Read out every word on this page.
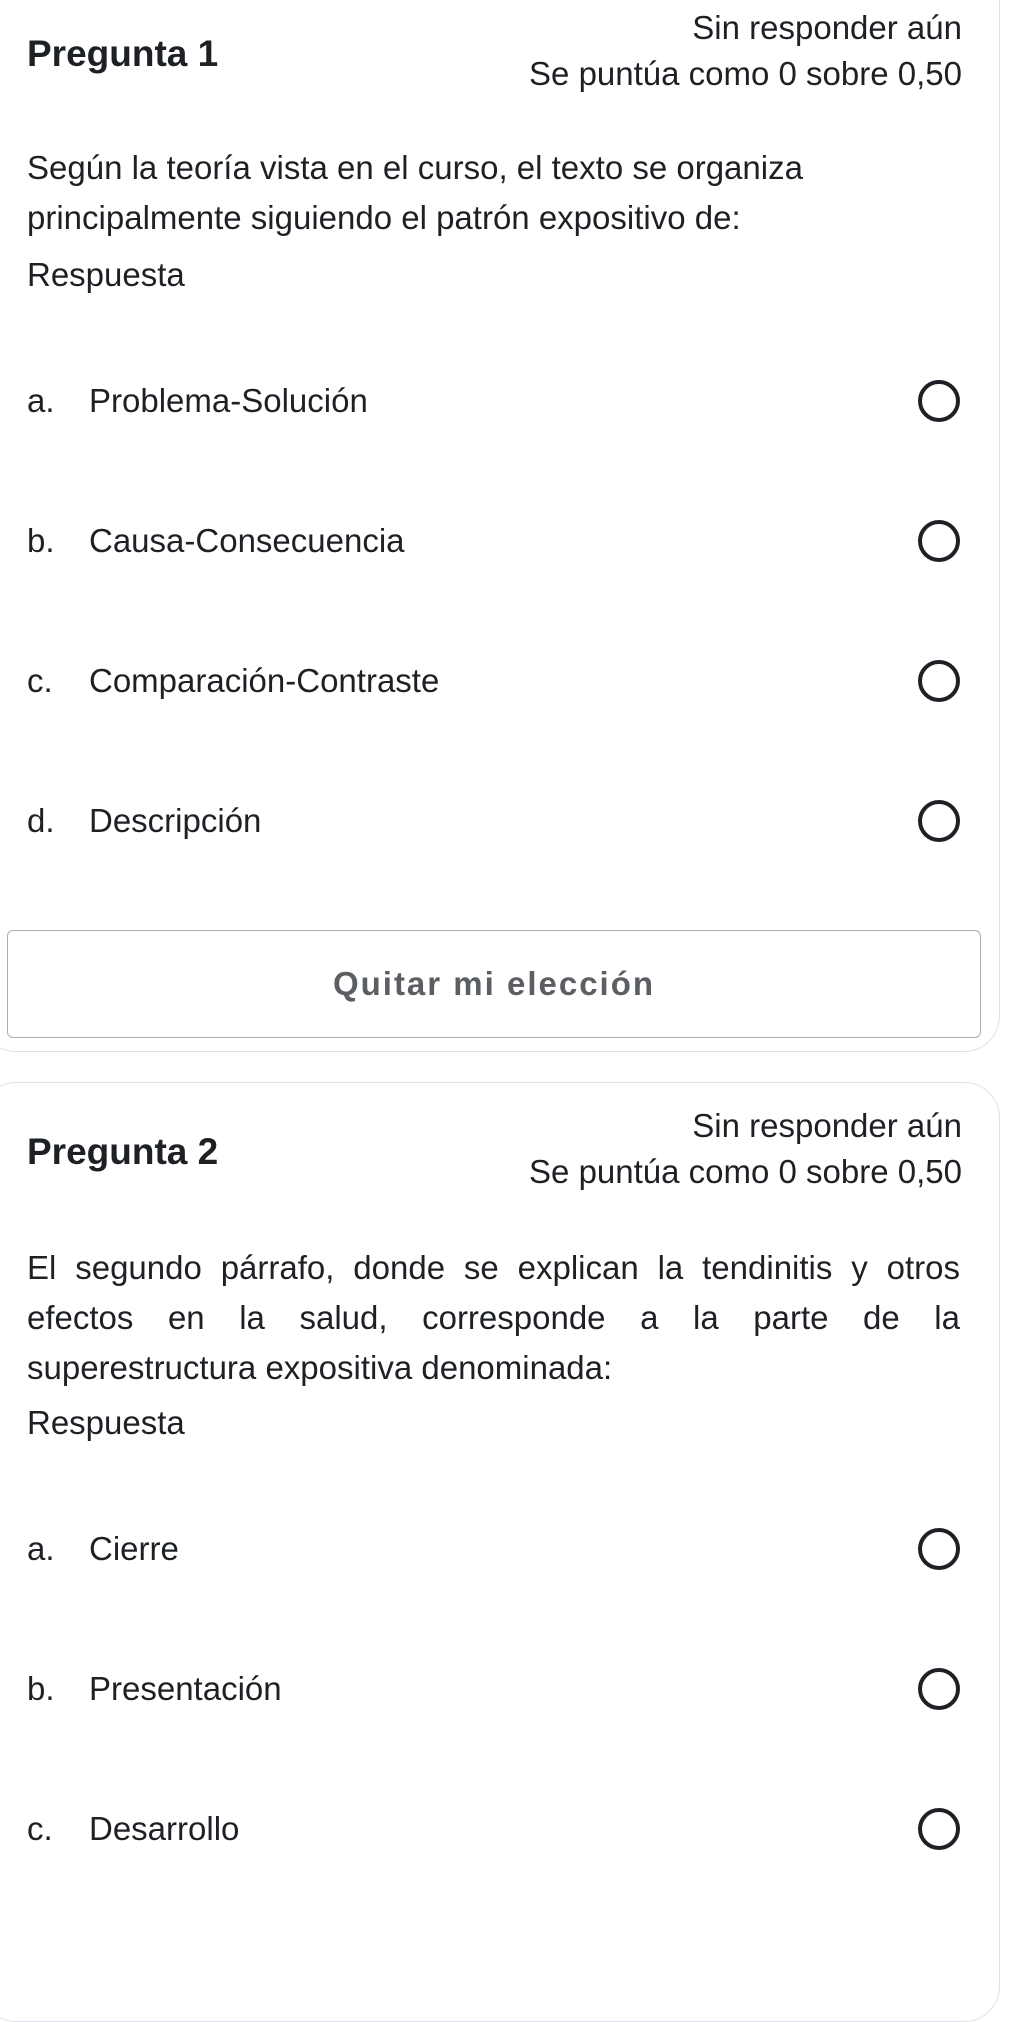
Pregunta 1
Sin responder aún
Se puntúa como 0 sobre 0,50
Según la teoría vista en el curso, el texto se organiza principalmente siguiendo el patrón expositivo de:
Respuesta
a.	Problema-Solución
b.	Causa-Consecuencia
c.	Comparación-Contraste
d.	Descripción
Quitar mi elección
Pregunta 2
Sin responder aún
Se puntúa como 0 sobre 0,50
El segundo párrafo, donde se explican la tendinitis y otros efectos en la salud, corresponde a la parte de la superestructura expositiva denominada:
Respuesta
a.	Cierre
b.	Presentación
c.	Desarrollo
